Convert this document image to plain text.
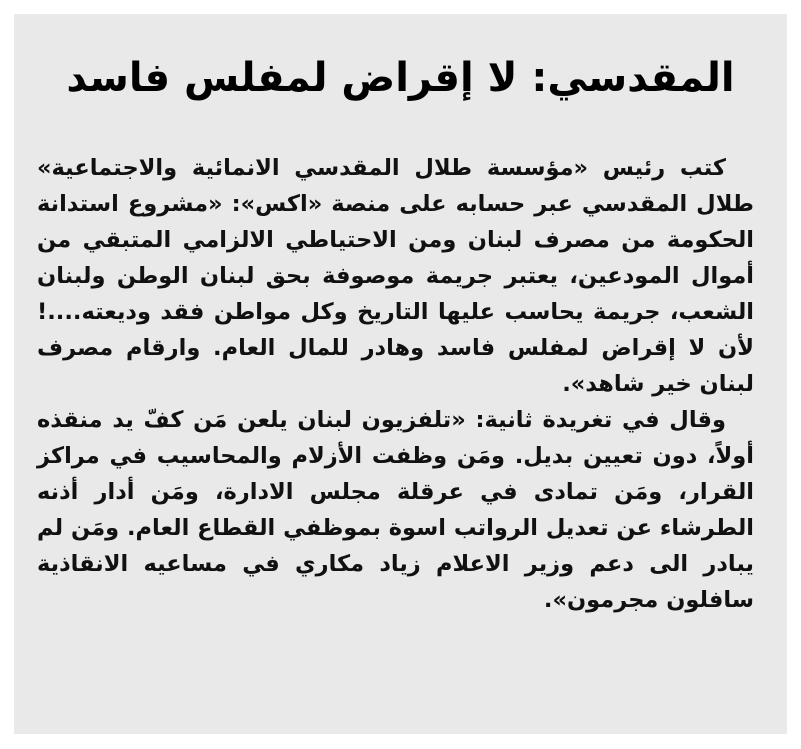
المقدسي: لا إقراض لمفلس فاسد

كتب رئيس «مؤسسة طلال المقدسي الانمائية والاجتماعية» طلال المقدسي عبر حسابه على منصة «اكس»: «مشروع استدانة الحكومة من مصرف لبنان ومن الاحتياطي الالزامي المتبقي من أموال المودعين، يعتبر جريمة موصوفة بحق لبنان الوطن ولبنان الشعب، جريمة يحاسب عليها التاريخ وكل مواطن فقد وديعته....! لأن لا إقراض لمفلس فاسد وهادر للمال العام. وارقام مصرف لبنان خير شاهد».

وقال في تغريدة ثانية: «تلفزيون لبنان يلعن مَن كفّ يد منقذه أولاً، دون تعيين بديل. ومَن وظفت الأزلام والمحاسيب في مراكز القرار، ومَن تمادى في عرقلة مجلس الادارة، ومَن أدار أذنه الطرشاء عن تعديل الرواتب اسوة بموظفي القطاع العام. ومَن لم يبادر الى دعم وزير الاعلام زياد مكاري في مساعيه الانقاذية سافلون مجرمون».
